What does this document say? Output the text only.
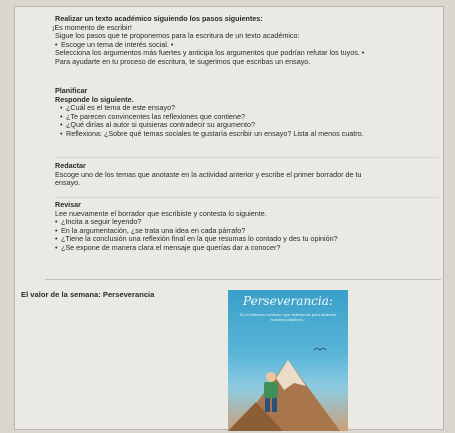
Realizar un texto académico siguiendo los pasos siguientes:
¡Es momento de escribir!
Sigue los pasos que te proponemos para la escritura de un texto académico:
• Escoge un tema de interés social. •
Selecciona los argumentos más fuertes y anticipa los argumentos que podrían refutar los tuyos. •
Para ayudarte en tu proceso de escritura, te sugerimos que escribas un ensayo.
Planificar
Responde lo siguiente.
• ¿Cuál es el tema de este ensayo?
• ¿Te parecen convincentes las reflexiones que contiene?
• ¿Qué dirías al autor si quisieras contradecir su argumento?
• Reflexiona: ¿Sobre qué temas sociales te gustaría escribir un ensayo? Lista al menos cuatro.
Redactar
Escoge uno de los temas que anotaste en la actividad anterior y escribe el primer borrador de tu
ensayo.
Revisar
Lee nuevamente el borrador que escribiste y contesta lo siguiente.
• ¿Incita a seguir leyendo?
• En la argumentación, ¿se trata una idea en cada párrafo?
• ¿Tiene la conclusión una reflexión final en la que resumas lo contado y des tu opinión?
• ¿Se expone de manera clara el mensaje que querías dar a conocer?
El valor de la semana: Perseverancia	Perseverancia:
Es el esfuerzo continuo, que realizamos para alcanzar nuestros objetivos...
